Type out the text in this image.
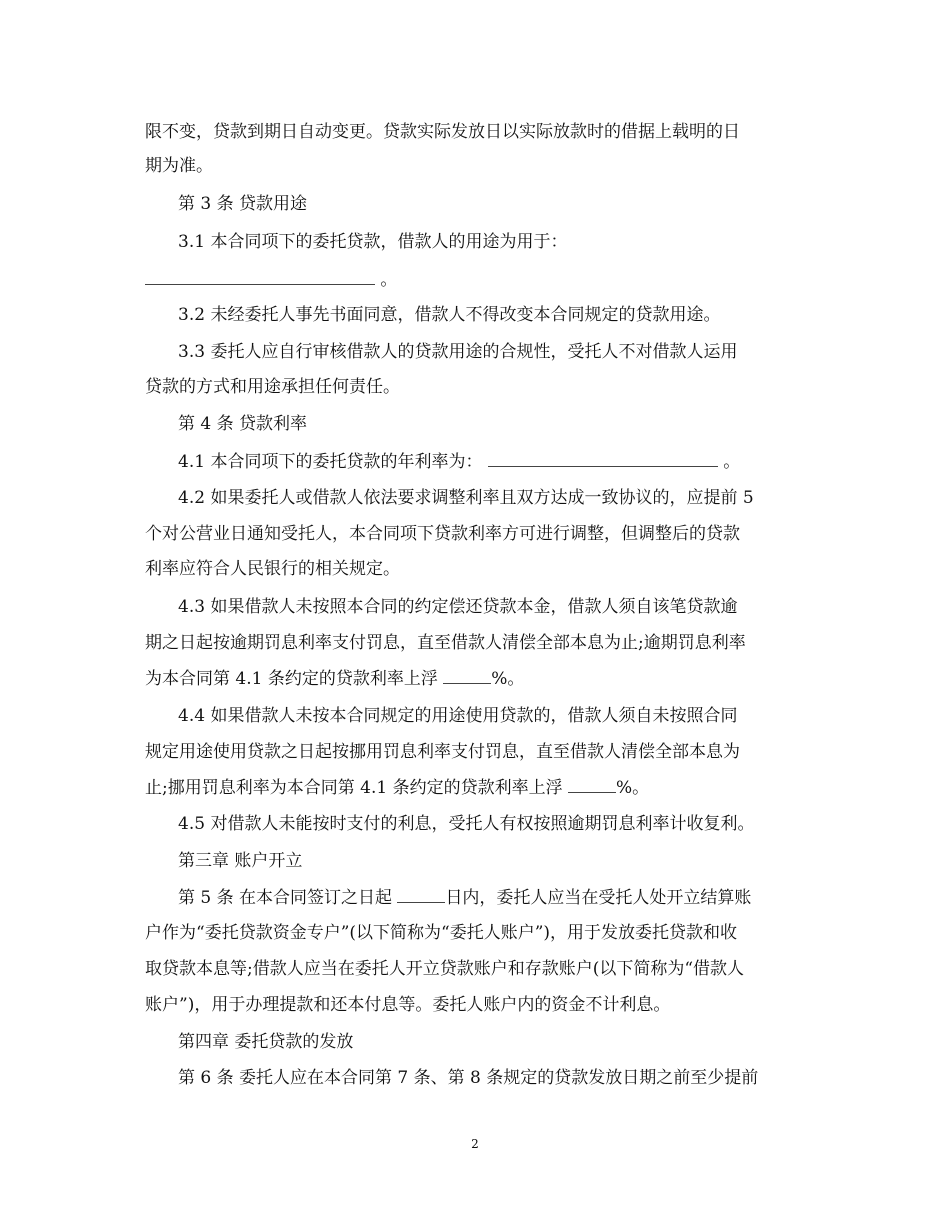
限不变，贷款到期日自动变更。贷款实际发放日以实际放款时的借据上载明的日
期为准。
第 3 条 贷款用途
3.1 本合同项下的委托贷款，借款人的用途为用于：
。
3.2 未经委托人事先书面同意，借款人不得改变本合同规定的贷款用途。
3.3 委托人应自行审核借款人的贷款用途的合规性，受托人不对借款人运用
贷款的方式和用途承担任何责任。
第 4 条 贷款利率
4.1 本合同项下的委托贷款的年利率为：	。
4.2 如果委托人或借款人依法要求调整利率且双方达成一致协议的，应提前 5
个对公营业日通知受托人，本合同项下贷款利率方可进行调整，但调整后的贷款
利率应符合人民银行的相关规定。
4.3 如果借款人未按照本合同的约定偿还贷款本金，借款人须自该笔贷款逾
期之日起按逾期罚息利率支付罚息，直至借款人清偿全部本息为止;逾期罚息利率
为本合同第 4.1 条约定的贷款利率上浮	%。
4.4 如果借款人未按本合同规定的用途使用贷款的，借款人须自未按照合同
规定用途使用贷款之日起按挪用罚息利率支付罚息，直至借款人清偿全部本息为
止;挪用罚息利率为本合同第 4.1 条约定的贷款利率上浮	%。
4.5 对借款人未能按时支付的利息，受托人有权按照逾期罚息利率计收复利。
第三章 账户开立
第 5 条 在本合同签订之日起	日内，委托人应当在受托人处开立结算账
户作为“委托贷款资金专户”(以下简称为“委托人账户”)，用于发放委托贷款和收
取贷款本息等;借款人应当在委托人开立贷款账户和存款账户(以下简称为“借款人
账户”)，用于办理提款和还本付息等。委托人账户内的资金不计利息。
第四章 委托贷款的发放
第 6 条 委托人应在本合同第 7 条、第 8 条规定的贷款发放日期之前至少提前
2
